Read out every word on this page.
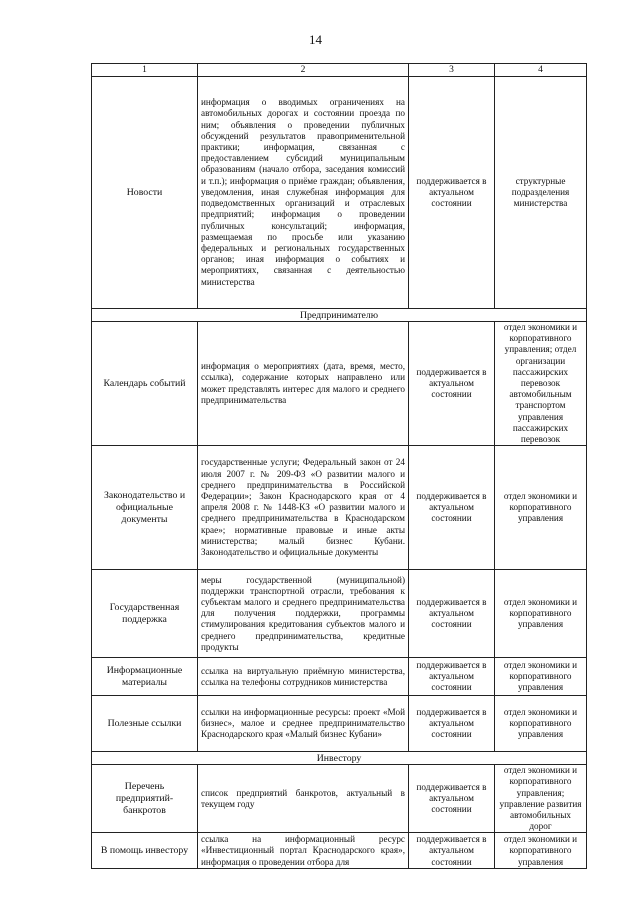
14
1	2	3	4
Новости	информация о вводимых ограничениях на автомобильных дорогах и состоянии проезда по ним; объявления о проведении публичных обсуждений результатов правоприменительной практики; информация, связанная с предоставлением субсидий муниципальным образованиям (начало отбора, заседания комиссий и т.п.); информация о приёме граждан; объявления, уведомления, иная служебная информация для подведомственных организаций и отраслевых предприятий; информация о проведении публичных консультаций; информация, размещаемая по просьбе или указанию федеральных и региональных государственных органов; иная информация о событиях и мероприятиях, связанная с деятельностью министерства	поддерживается в актуальном состоянии	структурные подразделения министерства
Предпринимателю			
Календарь событий	информация о мероприятиях (дата, время, место, ссылка), содержание которых направлено или может представлять интерес для малого и среднего предпринимательства	поддерживается в актуальном состоянии	отдел экономики и корпоративного управления; отдел организации пассажирских перевозок автомобильным транспортом управления пассажирских перевозок
Законодательство и официальные документы	государственные услуги; Федеральный закон от 24 июля 2007 г. № 209-ФЗ «О развитии малого и среднего предпринимательства в Российской Федерации»; Закон Краснодарского края от 4 апреля 2008 г. № 1448-КЗ «О развитии малого и среднего предпринимательства в Краснодарском крае»; нормативные правовые и иные акты министерства; малый бизнес Кубани. Законодательство и официальные документы	поддерживается в актуальном состоянии	отдел экономики и корпоративного управления
Государственная поддержка	меры государственной (муниципальной) поддержки транспортной отрасли, требования к субъектам малого и среднего предпринимательства для получения поддержки, программы стимулирования кредитования субъектов малого и среднего предпринимательства, кредитные продукты	поддерживается в актуальном состоянии	отдел экономики и корпоративного управления
Информационные материалы	ссылка на виртуальную приёмную министерства, ссылка на телефоны сотрудников министерства	поддерживается в актуальном состоянии	отдел экономики и корпоративного управления
Полезные ссылки	ссылки на информационные ресурсы: проект «Мой бизнес», малое и среднее предпринимательство Краснодарского края «Малый бизнес Кубани»	поддерживается в актуальном состоянии	отдел экономики и корпоративного управления
Инвестору			
Перечень предприятий-банкротов	список предприятий банкротов, актуальный в текущем году	поддерживается в актуальном состоянии	отдел экономики и корпоративного управления; управление развития автомобильных дорог
В помощь инвестору	ссылка на информационный ресурс «Инвестиционный портал Краснодарского края», информация о проведении отбора для	поддерживается в актуальном состоянии	отдел экономики и корпоративного управления
